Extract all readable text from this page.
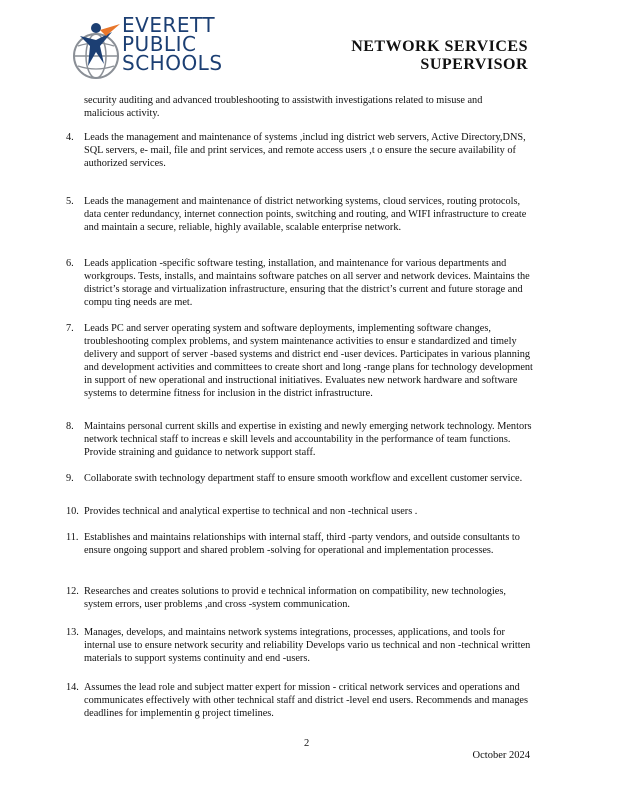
EVERETT
PUBLIC
SCHOOLS
NETWORK SERVICES
SUPERVISOR
security auditing and advanced troubleshooting to assistwith investigations related to misuse and malicious activity.
4. Leads the management and maintenance of systems ,includ ing district web servers, Active Directory,DNS, SQL servers, e- mail, file and print services, and remote access users ,t o ensure the secure availability of authorized services.
5. Leads the management and maintenance of district networking systems, cloud services, routing protocols, data center redundancy, internet connection points, switching and routing, and WIFI infrastructure to create and maintain a secure, reliable, highly available, scalable enterprise network.
6. Leads application -specific software testing, installation, and maintenance for various departments and workgroups. Tests, installs, and maintains software patches on all server and network devices. Maintains the district’s storage and virtualization infrastructure, ensuring that the district’s current and future storage and compu ting needs are met.
7. Leads PC and server operating system and software deployments, implementing software changes, troubleshooting complex problems, and system maintenance activities to ensur e standardized and timely delivery and support of server -based systems and district end -user devices. Participates in various planning and development activities and committees to create short and long -range plans for technology development in support of new operational and instructional initiatives. Evaluates new network hardware and software systems to determine fitness for inclusion in the district infrastructure.
8. Maintains personal current skills and expertise in existing and newly emerging network technology. Mentors network technical staff to increas e skill levels and accountability in the performance of team functions. Provide straining and guidance to network support staff.
9. Collaborate swith technology department staff to ensure smooth workflow and excellent customer service.
10. Provides technical and analytical expertise to technical and non -technical users .
11. Establishes and maintains relationships with internal staff, third -party vendors, and outside consultants to ensure ongoing support and shared problem -solving for operational and implementation processes.
12. Researches and creates solutions to provid e technical information on compatibility, new technologies, system errors, user problems ,and cross -system communication.
13. Manages, develops, and maintains network systems integrations, processes, applications, and tools for internal use to ensure network security and reliability Develops vario us technical and non -technical written materials to support systems continuity and end -users.
14. Assumes the lead role and subject matter expert for mission - critical network services and operations and communicates effectively with other technical staff and district -level end users. Recommends and manages deadlines for implementin g project timelines.
2
October 2024
